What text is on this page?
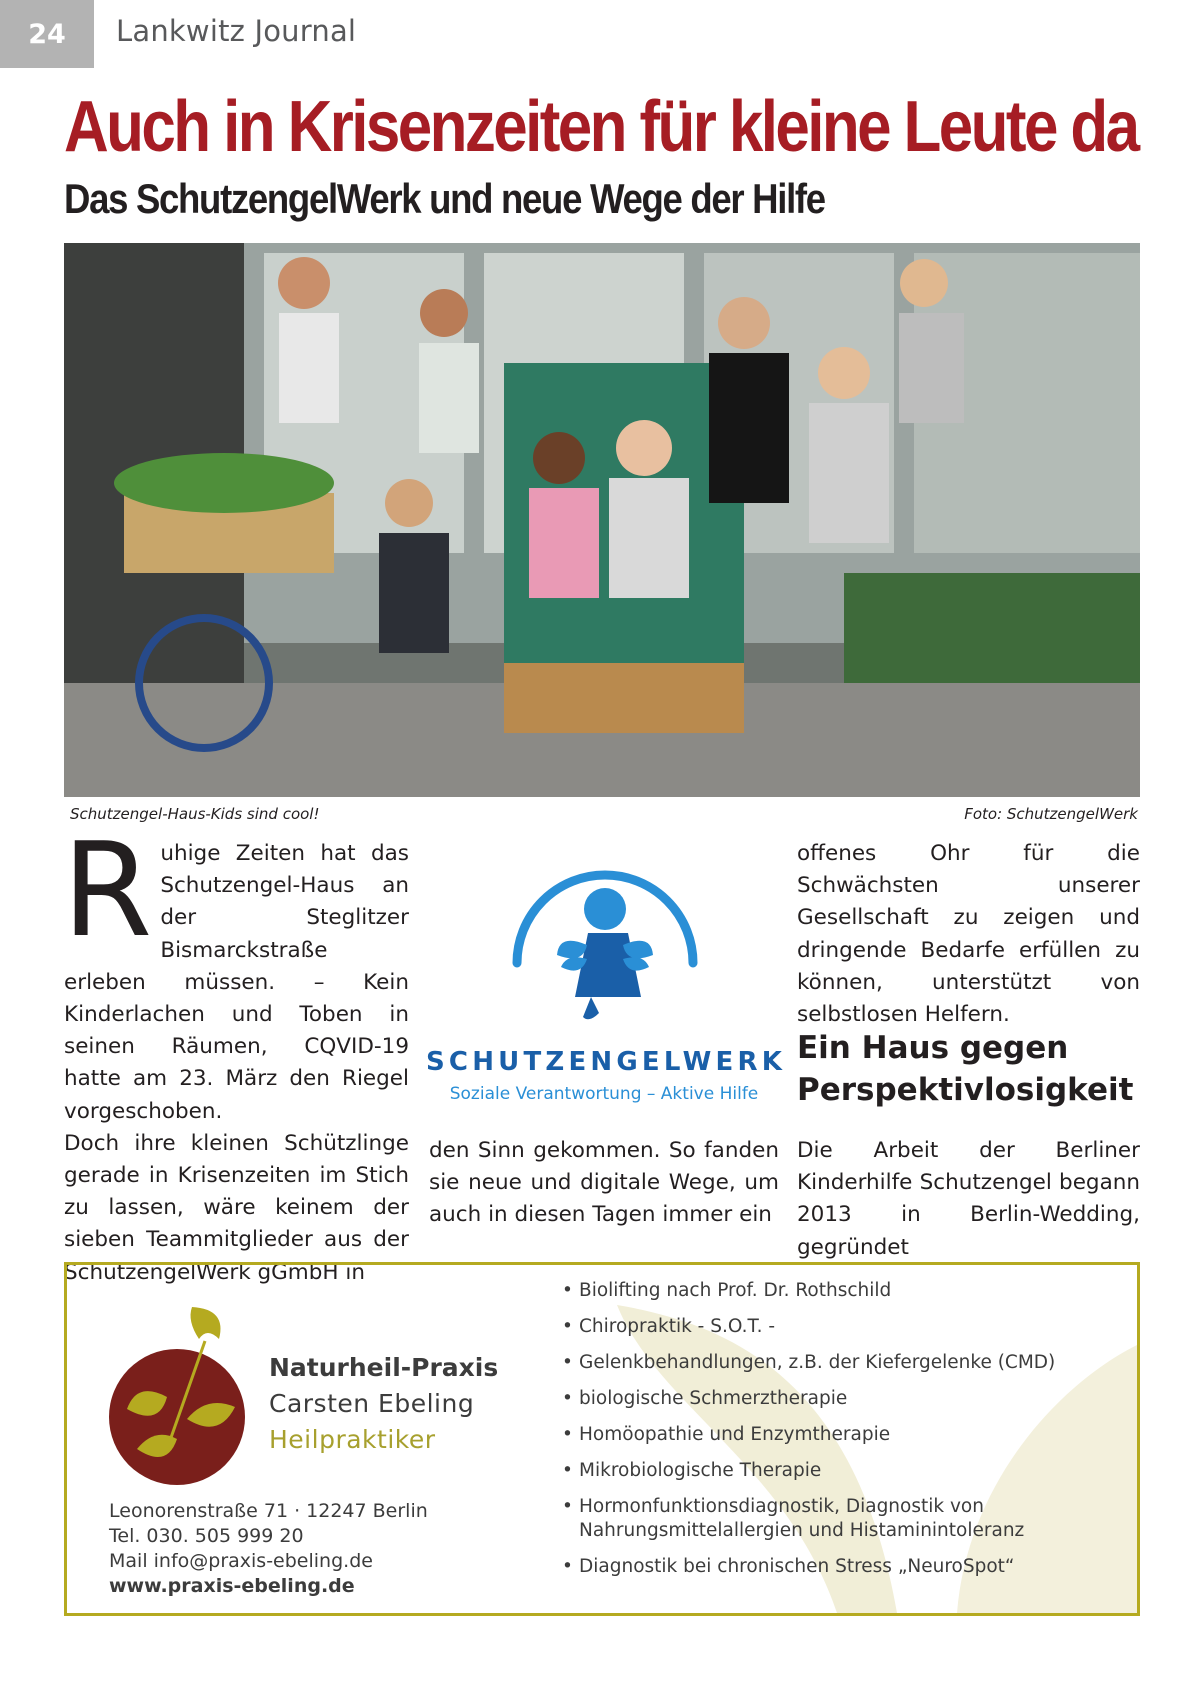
24	Lankwitz Journal
Auch in Krisenzeiten für kleine Leute da
Das SchutzengelWerk und neue Wege der Hilfe
Schutzengel-Haus-Kids sind cool!	Foto: SchutzengelWerk
R uhige Zeiten hat das Schutzengel-Haus an der Steglitzer Bismarckstraße erleben müssen. – Kein Kinderlachen und Toben in seinen Räumen, CQVID-19 hatte am 23. März den Riegel vorgeschoben.

Doch ihre kleinen Schützlinge gerade in Krisenzeiten im Stich zu lassen, wäre keinem der sieben Teammitglieder aus der SchutzengelWerk gGmbH in

SCHUTZENGELWERK
Soziale Verantwortung – Aktive Hilfe

den Sinn gekommen. So fanden sie neue und digitale Wege, um auch in diesen Tagen immer ein

offenes Ohr für die Schwächsten unserer Gesellschaft zu zeigen und dringende Bedarfe erfüllen zu können, unterstützt von selbstlosen Helfern.

Ein Haus gegen Perspektivlosigkeit

Die Arbeit der Berliner Kinderhilfe Schutzengel begann 2013 in Berlin-Wedding, gegründet

Naturheil-Praxis
Carsten Ebeling
Heilpraktiker
Leonorenstraße 71 · 12247 Berlin
Tel. 030. 505 999 20
Mail info@praxis-ebeling.de
www.praxis-ebeling.de
• Biolifting nach Prof. Dr. Rothschild
• Chiropraktik - S.O.T. -
• Gelenkbehandlungen, z.B. der Kiefergelenke (CMD)
• biologische Schmerztherapie
• Homöopathie und Enzymtherapie
• Mikrobiologische Therapie
• Hormonfunktionsdiagnostik, Diagnostik von Nahrungsmittelallergien und Histaminintoleranz
• Diagnostik bei chronischen Stress „NeuroSpot“
